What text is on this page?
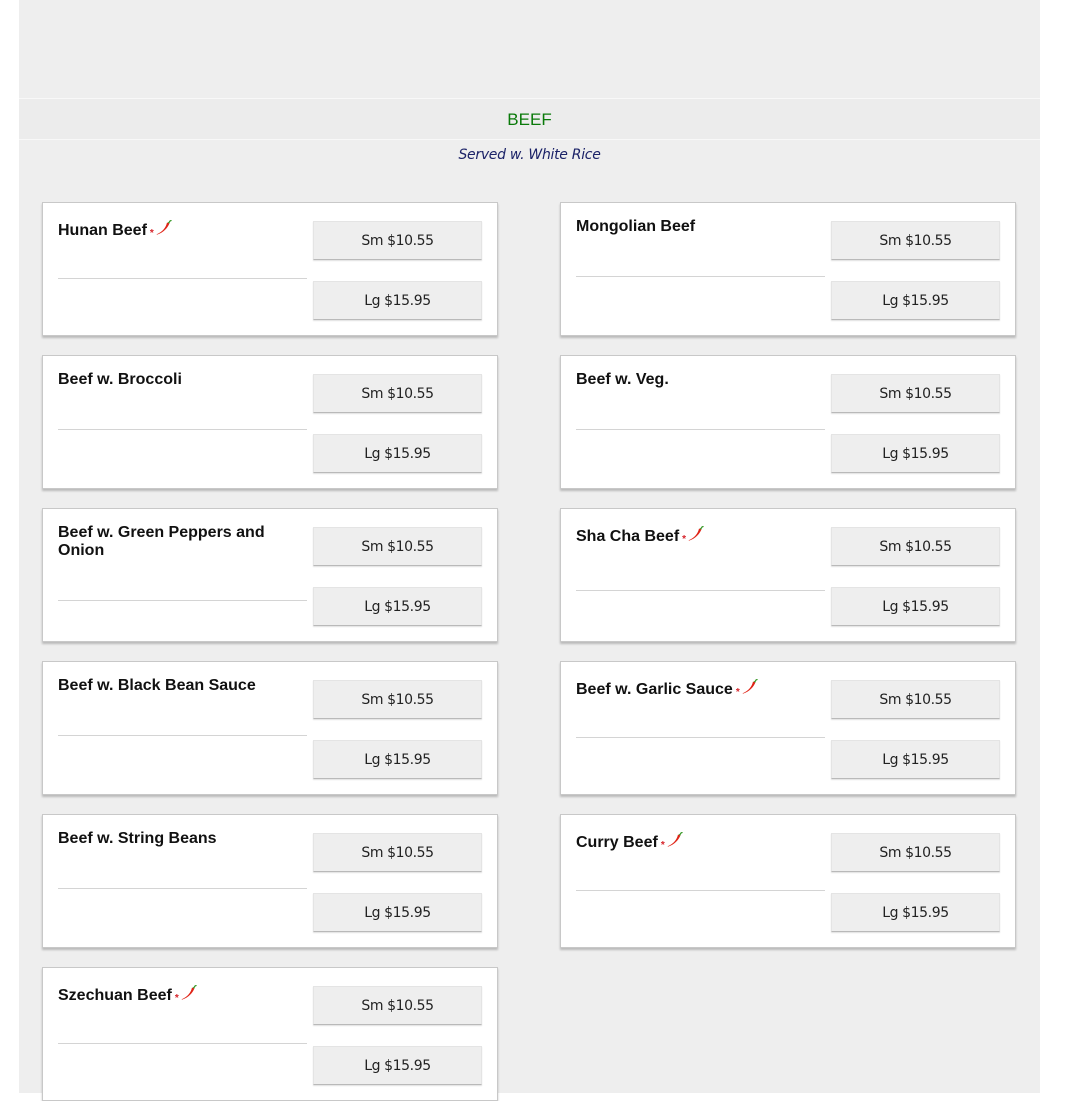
BEEF
Served w. White Rice
Hunan Beef *	Sm $10.55
Lg $15.95
Mongolian Beef
Sm $10.55
Lg $15.95
Beef w. Broccoli
Sm $10.55
Lg $15.95
Beef w. Veg.
Sm $10.55
Lg $15.95
Beef w. Green Peppers and Onion	Sm $10.55
Lg $15.95
Sha Cha Beef *	Sm $10.55
Lg $15.95
Beef w. Black Bean Sauce
Sm $10.55
Lg $15.95
Beef w. Garlic Sauce *	Sm $10.55
Lg $15.95
Beef w. String Beans
Sm $10.55
Lg $15.95
Curry Beef *	Sm $10.55
Lg $15.95
Szechuan Beef *	Sm $10.55
Lg $15.95
